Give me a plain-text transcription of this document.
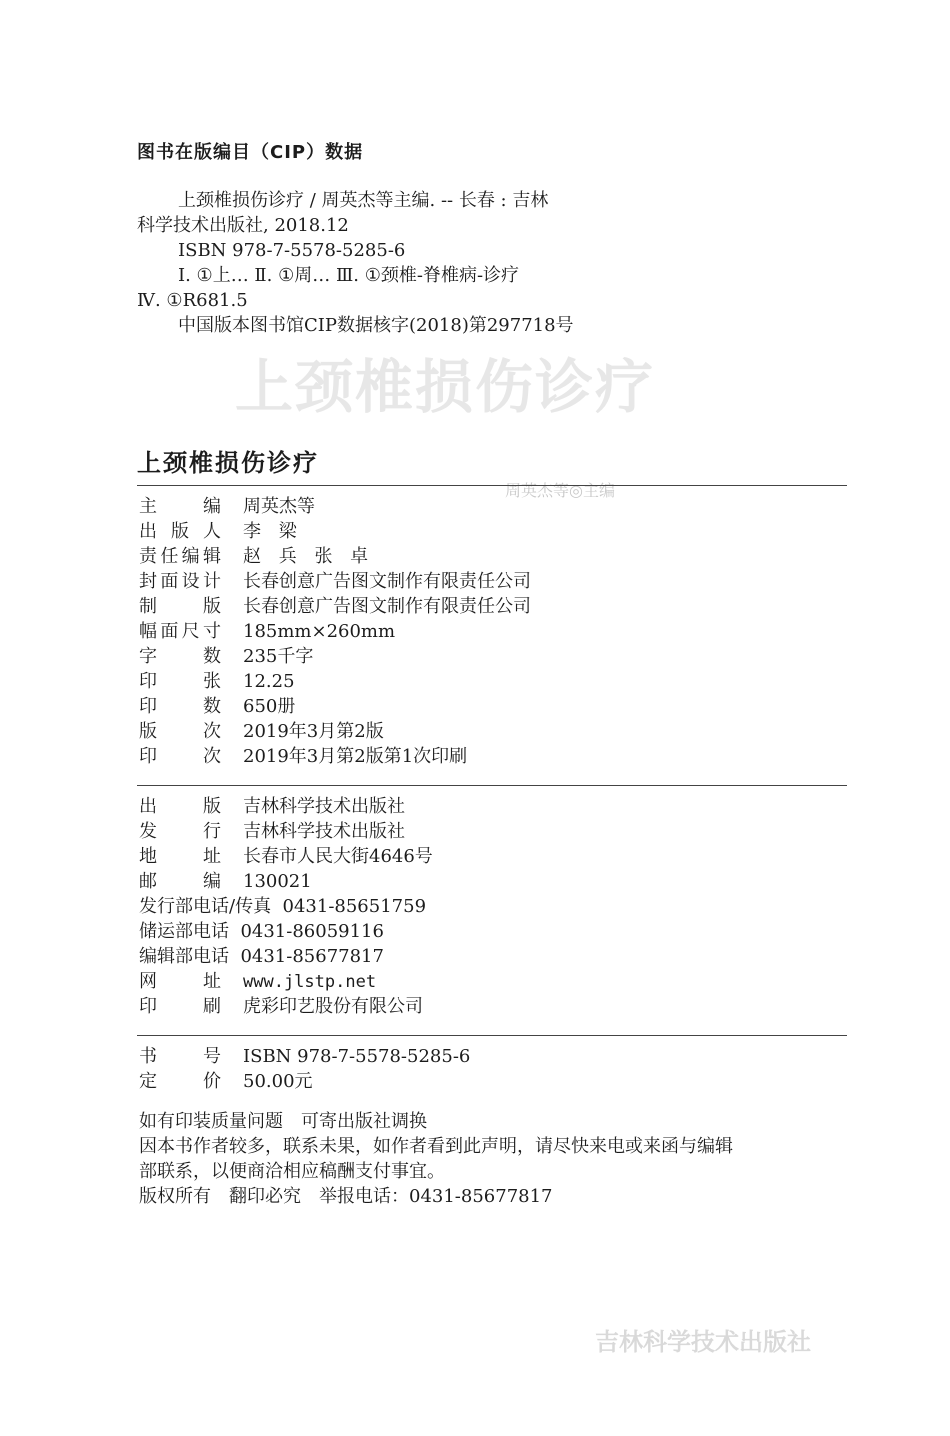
上颈椎损伤诊疗
周英杰等◎主编
吉林科学技术出版社
图书在版编目（CIP）数据
上颈椎损伤诊疗 / 周英杰等主编. -- 长春 : 吉林
科学技术出版社, 2018.12
ISBN 978-7-5578-5285-6
Ⅰ. ①上… Ⅱ. ①周… Ⅲ. ①颈椎-脊椎病-诊疗
Ⅳ. ①R681.5
中国版本图书馆CIP数据核字(2018)第297718号
上颈椎损伤诊疗
主编 周英杰等
出版人 李 梁
责任编辑 赵 兵 张 卓
封面设计 长春创意广告图文制作有限责任公司
制版 长春创意广告图文制作有限责任公司
幅面尺寸 185mm×260mm
字数 235千字
印张 12.25
印数 650册
版次 2019年3月第2版
印次 2019年3月第2版第1次印刷
出版 吉林科学技术出版社
发行 吉林科学技术出版社
地址 长春市人民大街4646号
邮编 130021
发行部电话/传真  0431-85651759
储运部电话  0431-86059116
编辑部电话  0431-85677817
网址 www.jlstp.net
印刷 虎彩印艺股份有限公司
书号 ISBN 978-7-5578-5285-6
定价 50.00元
如有印装质量问题　可寄出版社调换
因本书作者较多，联系未果，如作者看到此声明，请尽快来电或来函与编辑
部联系，以便商洽相应稿酬支付事宜。
版权所有　翻印必究　举报电话：0431-85677817
